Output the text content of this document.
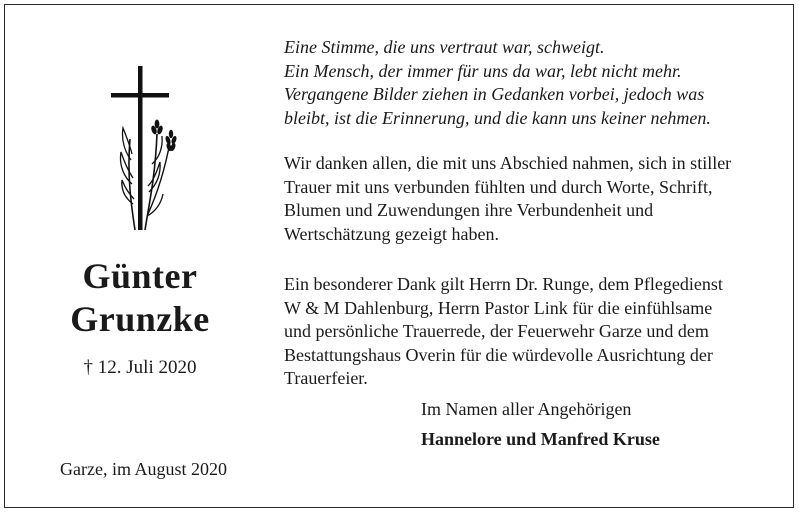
Günter
Grunzke
† 12. Juli 2020
Garze, im August 2020
Eine Stimme, die uns vertraut war, schweigt.
Ein Mensch, der immer für uns da war, lebt nicht mehr.
Vergangene Bilder ziehen in Gedanken vorbei, jedoch was
bleibt, ist die Erinnerung, und die kann uns keiner nehmen.
Wir danken allen, die mit uns Abschied nahmen, sich in stiller
Trauer mit uns verbunden fühlten und durch Worte, Schrift,
Blumen und Zuwendungen ihre Verbundenheit und
Wertschätzung gezeigt haben.
Ein besonderer Dank gilt Herrn Dr. Runge, dem Pflegedienst
W & M Dahlenburg, Herrn Pastor Link für die einfühlsame
und persönliche Trauerrede, der Feuerwehr Garze und dem
Bestattungshaus Overin für die würdevolle Ausrichtung der
Trauerfeier.
Im Namen aller Angehörigen
Hannelore und Manfred Kruse
